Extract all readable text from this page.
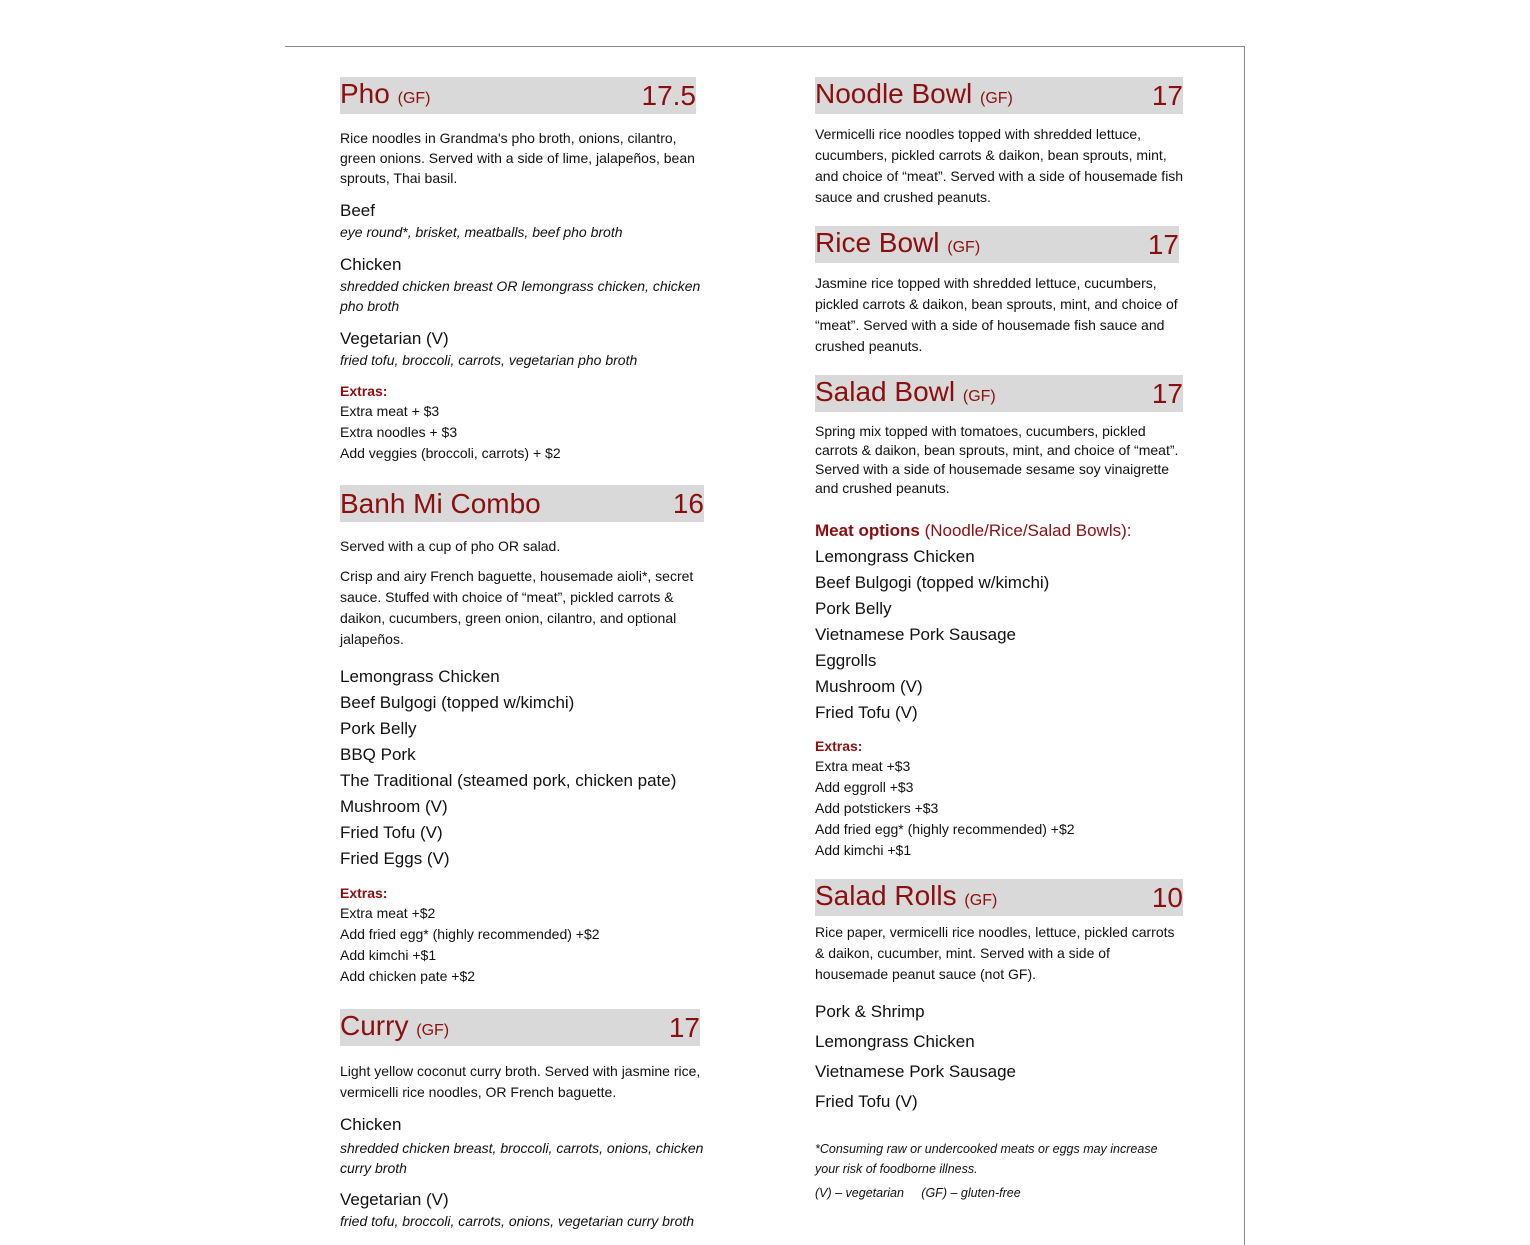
Pho (GF)	17.5

Rice noodles in Grandma's pho broth, onions, cilantro, green onions. Served with a side of lime, jalapeños, bean sprouts, Thai basil.

Beef

eye round*, brisket, meatballs, beef pho broth

Chicken

shredded chicken breast OR lemongrass chicken, chicken pho broth

Vegetarian (V)

fried tofu, broccoli, carrots, vegetarian pho broth

Extras:

Extra meat + $3

Extra noodles + $3

Add veggies (broccoli, carrots) + $2

Banh Mi Combo	16

Served with a cup of pho OR salad.

Crisp and airy French baguette, housemade aioli*, secret sauce. Stuffed with choice of “meat”, pickled carrots & daikon, cucumbers, green onion, cilantro, and optional jalapeños.

Lemongrass Chicken

Beef Bulgogi (topped w/kimchi)

Pork Belly

BBQ Pork

The Traditional (steamed pork, chicken pate)

Mushroom (V)

Fried Tofu (V)

Fried Eggs (V)

Extras:

Extra meat +$2

Add fried egg* (highly recommended) +$2

Add kimchi +$1

Add chicken pate +$2

Curry (GF)	17

Light yellow coconut curry broth. Served with jasmine rice, vermicelli rice noodles, OR French baguette.

Chicken

shredded chicken breast, broccoli, carrots, onions, chicken curry broth

Vegetarian (V)

fried tofu, broccoli, carrots, onions, vegetarian curry broth

Noodle Bowl (GF)	17

Vermicelli rice noodles topped with shredded lettuce, cucumbers, pickled carrots & daikon, bean sprouts, mint, and choice of “meat”. Served with a side of housemade fish sauce and crushed peanuts.

Rice Bowl (GF)	17

Jasmine rice topped with shredded lettuce, cucumbers, pickled carrots & daikon, bean sprouts, mint, and choice of “meat”. Served with a side of housemade fish sauce and crushed peanuts.

Salad Bowl (GF)	17

Spring mix topped with tomatoes, cucumbers, pickled carrots & daikon, bean sprouts, mint, and choice of “meat”. Served with a side of housemade sesame soy vinaigrette and crushed peanuts.

Meat options (Noodle/Rice/Salad Bowls):

Lemongrass Chicken

Beef Bulgogi (topped w/kimchi)

Pork Belly

Vietnamese Pork Sausage

Eggrolls

Mushroom (V)

Fried Tofu (V)

Extras:

Extra meat +$3

Add eggroll +$3

Add potstickers +$3

Add fried egg* (highly recommended) +$2

Add kimchi +$1

Salad Rolls (GF)	10

Rice paper, vermicelli rice noodles, lettuce, pickled carrots & daikon, cucumber, mint. Served with a side of housemade peanut sauce (not GF).

Pork & Shrimp

Lemongrass Chicken

Vietnamese Pork Sausage

Fried Tofu (V)

*Consuming raw or undercooked meats or eggs may increase your risk of foodborne illness.

(V) – vegetarian     (GF) – gluten-free
